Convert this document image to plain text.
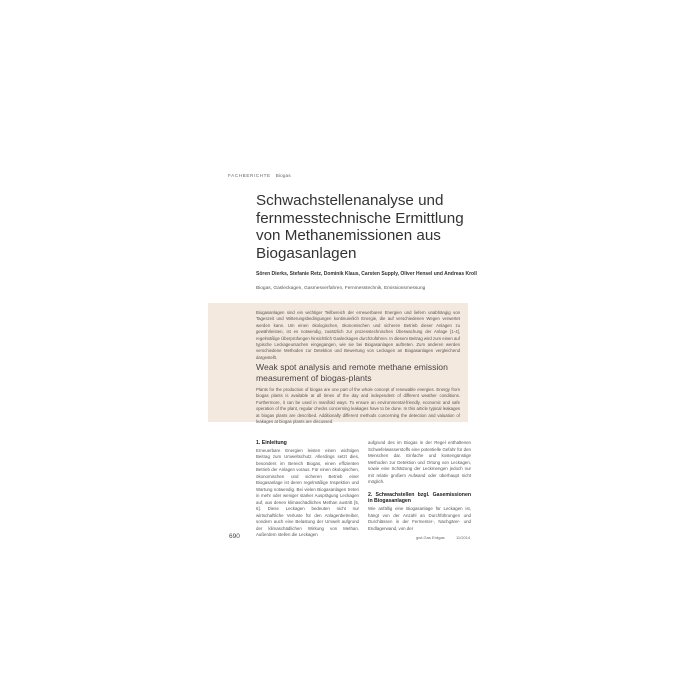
FACHBERICHTE Biogas
Schwachstellenanalyse und fernmesstechnische Ermittlung von Methanemissionen aus Biogasanlagen
Sören Dierks, Stefanie Retz, Dominik Klaus, Carsten Supply, Oliver Hensel und Andreas Kroll
Biogas, Gasleckagen, Gasmesverfahren, Fernmesstechnik, Emissionsmessung

Biogasanlagen sind ein wichtiger Teilbereich der erneuerbaren Energien und liefern unabhängig von Tageszeit und Witterungsbedingungen kontinuierlich Energie, die auf verschiedenen Wegen verwertet werden kann. Um einen ökologischen, ökonomischen und sicheren Betrieb dieser Anlagen zu gewährleisten, ist es notwendig, zusätzlich zur prozesstechnischen Überwachung der Anlage [1-4], regelmäßige Überprüfungen hinsichtlich Gasleckagen durchzuführen. In diesem Beitrag wird zum einen auf typische Leckageursachen eingegangen, wie sie bei Biogasanlagen auftreten. Zum anderen werden verschiedene Methoden zur Detektion und Bewertung von Leckagen an Biogasanlagen vergleichend dargestellt.

Weak spot analysis and remote methane emission measurement of biogas-plants

Plants for the production of biogas are one part of the whole concept of renewable energies. Energy from biogas plants is available at all times of the day and independent of different weather conditions. Furthermore, it can be used in manifold ways. To ensure an environmental-friendly, economic and safe operation of the plant, regular checks concerning leakages have to be done. In this article typical leakages at biogas plants are described. Additionally different methods concerning the detection and valuation of leakages at biogas plants are discussed.

1. Einleitung
Erneuerbare Energien leisten einen wichtigen Beitrag zum Umweltschutz. Allerdings setzt dies, besonders im Bereich Biogas, einen effizienten Betrieb der Anlagen voraus. Für einen ökologischen, ökonomischen und sicheren Betrieb einer Biogasanlage ist deren regelmäßige Inspektion und Wartung notwendig. Bei vielen Biogasanlagen treten in mehr oder weniger starker Ausprägung Leckagen auf, aus denen klimaschädliches Methan austritt [5, 6]. Diese Leckagen bedeuten nicht nur wirtschaftliche Verluste für den Anlagenbetreiber, sondern auch eine Belastung der Umwelt aufgrund der klimaschädlichen Wirkung von Methan. Außerdem stellen die Leckagen
aufgrund des im Biogas in der Regel enthaltenen Schwefelwasserstoffs eine potentielle Gefahr für den Menschen dar. Einfache und kostengünstige Methoden zur Detektion und Ortung von Leckagen, sowie eine Schätzung der Leckmengen jedoch nur mit relativ großem Aufwand oder überhaupt nicht möglich.
2. Schwachstellen bzgl. Gasemissionen in Biogasanlagen
Wie anfällig eine Biogasanlage für Leckagen ist, hängt von der Anzahl an Durchführungen und Durchlässen in der Fermenter-, Nachgärer- und Endlagerwand, von der
690	gwf-Gas Erdgas	11/2014
